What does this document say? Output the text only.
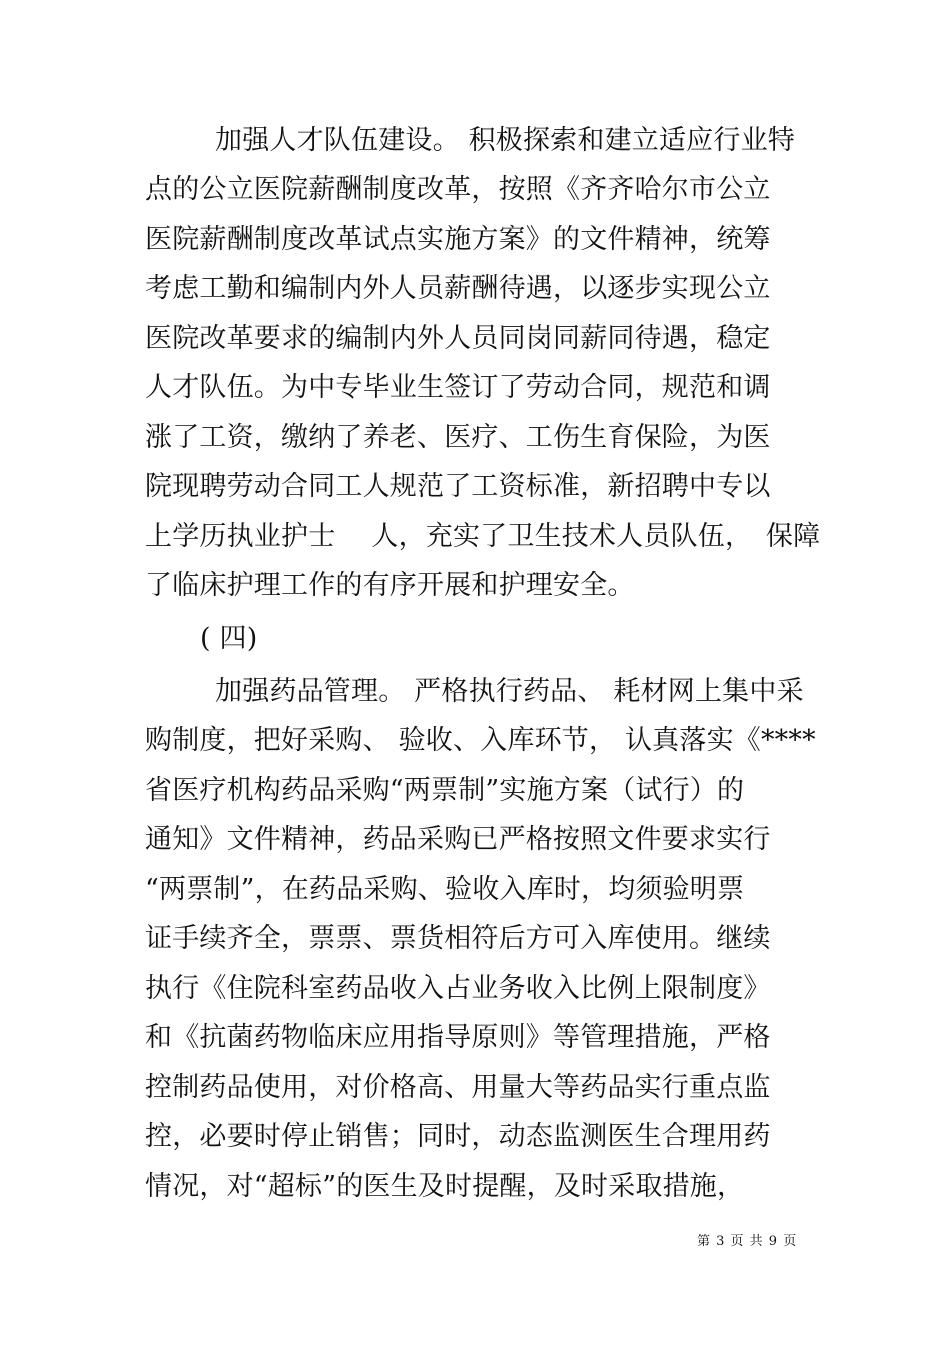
加强人才队伍建设。 积极探索和建立适应行业特
点的公立医院薪酬制度改革，按照《齐齐哈尔市公立
医院薪酬制度改革试点实施方案》的文件精神，统筹
考虑工勤和编制内外人员薪酬待遇，以逐步实现公立
医院改革要求的编制内外人员同岗同薪同待遇，稳定
人才队伍。为中专毕业生签订了劳动合同，规范和调
涨了工资，缴纳了养老、医疗、工伤生育保险，为医
院现聘劳动合同工人规范了工资标准，新招聘中专以
上学历执业护士　 人，充实了卫生技术人员队伍，　保障
了临床护理工作的有序开展和护理安全。
( 四)
加强药品管理。 严格执行药品、 耗材网上集中采
购制度，把好采购、 验收、入库环节， 认真落实《****
省医疗机构药品采购“两票制”实施方案（试行）的
通知》文件精神，药品采购已严格按照文件要求实行
“两票制”，在药品采购、验收入库时，均须验明票
证手续齐全，票票、票货相符后方可入库使用。继续
执行《住院科室药品收入占业务收入比例上限制度》
和《抗菌药物临床应用指导原则》等管理措施，严格
控制药品使用，对价格高、用量大等药品实行重点监
控，必要时停止销售；同时，动态监测医生合理用药
情况，对“超标”的医生及时提醒，及时采取措施，
第 3 页 共 9 页
